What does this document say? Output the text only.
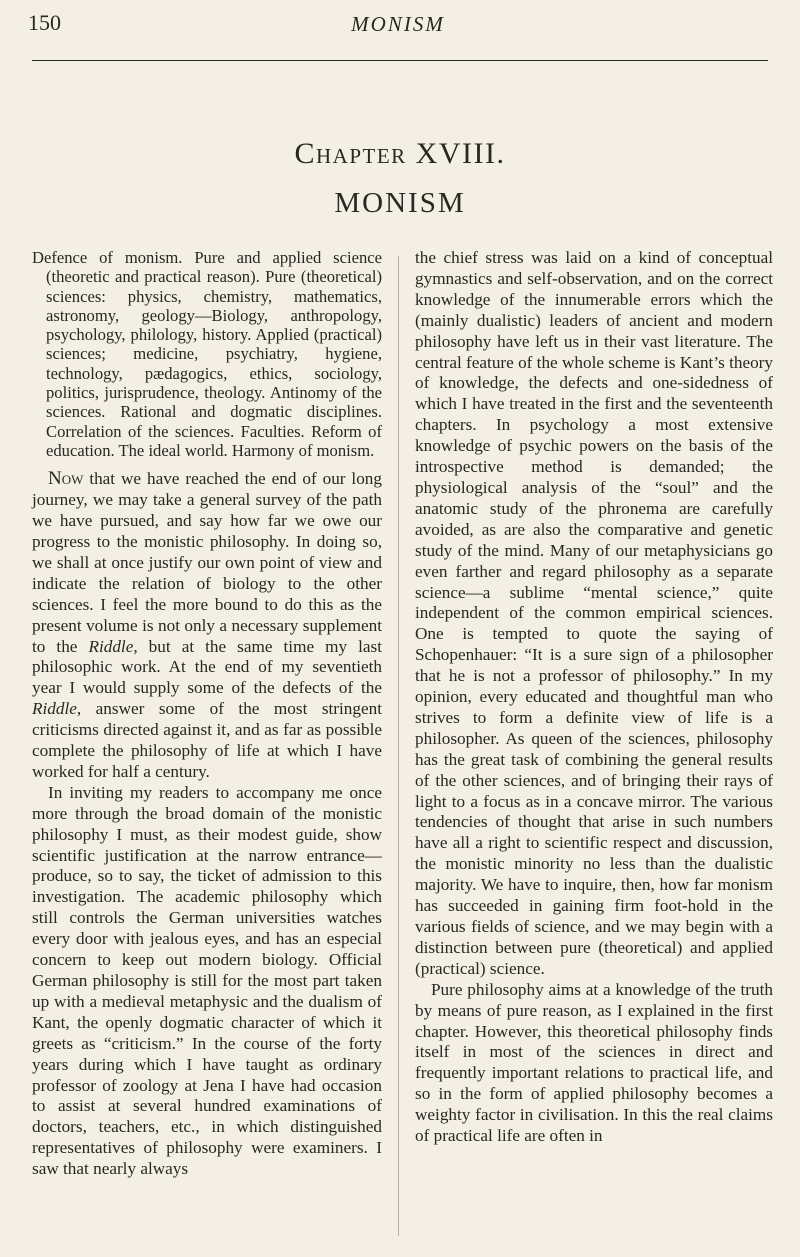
150	MONISM
Chapter XVIII.
MONISM

Defence of monism. Pure and applied science (theoretic and practical reason). Pure (theoretical) sciences: physics, chemistry, mathematics, astronomy, geology—Biology, anthropology, psychology, philology, history. Applied (practical) sciences; medicine, psychiatry, hygiene, technology, pædagogics, ethics, sociology, politics, jurisprudence, theology. Antinomy of the sciences. Rational and dogmatic disciplines. Correlation of the sciences. Faculties. Reform of education. The ideal world. Harmony of monism.

Now that we have reached the end of our long journey, we may take a general survey of the path we have pursued, and say how far we owe our progress to the monistic philosophy. In doing so, we shall at once justify our own point of view and indicate the relation of biology to the other sciences. I feel the more bound to do this as the present volume is not only a necessary supplement to the Riddle, but at the same time my last philosophic work. At the end of my seventieth year I would supply some of the defects of the Riddle, answer some of the most stringent criticisms directed against it, and as far as possible complete the philosophy of life at which I have worked for half a century.

In inviting my readers to accompany me once more through the broad domain of the monistic philosophy I must, as their modest guide, show scientific justification at the narrow entrance—produce, so to say, the ticket of admission to this investigation. The academic philosophy which still controls the German universities watches every door with jealous eyes, and has an especial concern to keep out modern biology. Official German philosophy is still for the most part taken up with a medieval metaphysic and the dualism of Kant, the openly dogmatic character of which it greets as “criticism.” In the course of the forty years during which I have taught as ordinary professor of zoology at Jena I have had occasion to assist at several hundred examinations of doctors, teachers, etc., in which distinguished representatives of philosophy were examiners. I saw that nearly always

the chief stress was laid on a kind of conceptual gymnastics and self-observation, and on the correct knowledge of the innumerable errors which the (mainly dualistic) leaders of ancient and modern philosophy have left us in their vast literature. The central feature of the whole scheme is Kant’s theory of knowledge, the defects and one-sidedness of which I have treated in the first and the seventeenth chapters. In psychology a most extensive knowledge of psychic powers on the basis of the introspective method is demanded; the physiological analysis of the “soul” and the anatomic study of the phronema are carefully avoided, as are also the comparative and genetic study of the mind. Many of our metaphysicians go even farther and regard philosophy as a separate science—a sublime “mental science,” quite independent of the common empirical sciences. One is tempted to quote the saying of Schopenhauer: “It is a sure sign of a philosopher that he is not a professor of philosophy.” In my opinion, every educated and thoughtful man who strives to form a definite view of life is a philosopher. As queen of the sciences, philosophy has the great task of combining the general results of the other sciences, and of bringing their rays of light to a focus as in a concave mirror. The various tendencies of thought that arise in such numbers have all a right to scientific respect and discussion, the monistic minority no less than the dualistic majority. We have to inquire, then, how far monism has succeeded in gaining firm foot-hold in the various fields of science, and we may begin with a distinction between pure (theoretical) and applied (practical) science.

Pure philosophy aims at a knowledge of the truth by means of pure reason, as I explained in the first chapter. However, this theoretical philosophy finds itself in most of the sciences in direct and frequently important relations to practical life, and so in the form of applied philosophy becomes a weighty factor in civilisation. In this the real claims of practical life are often in
